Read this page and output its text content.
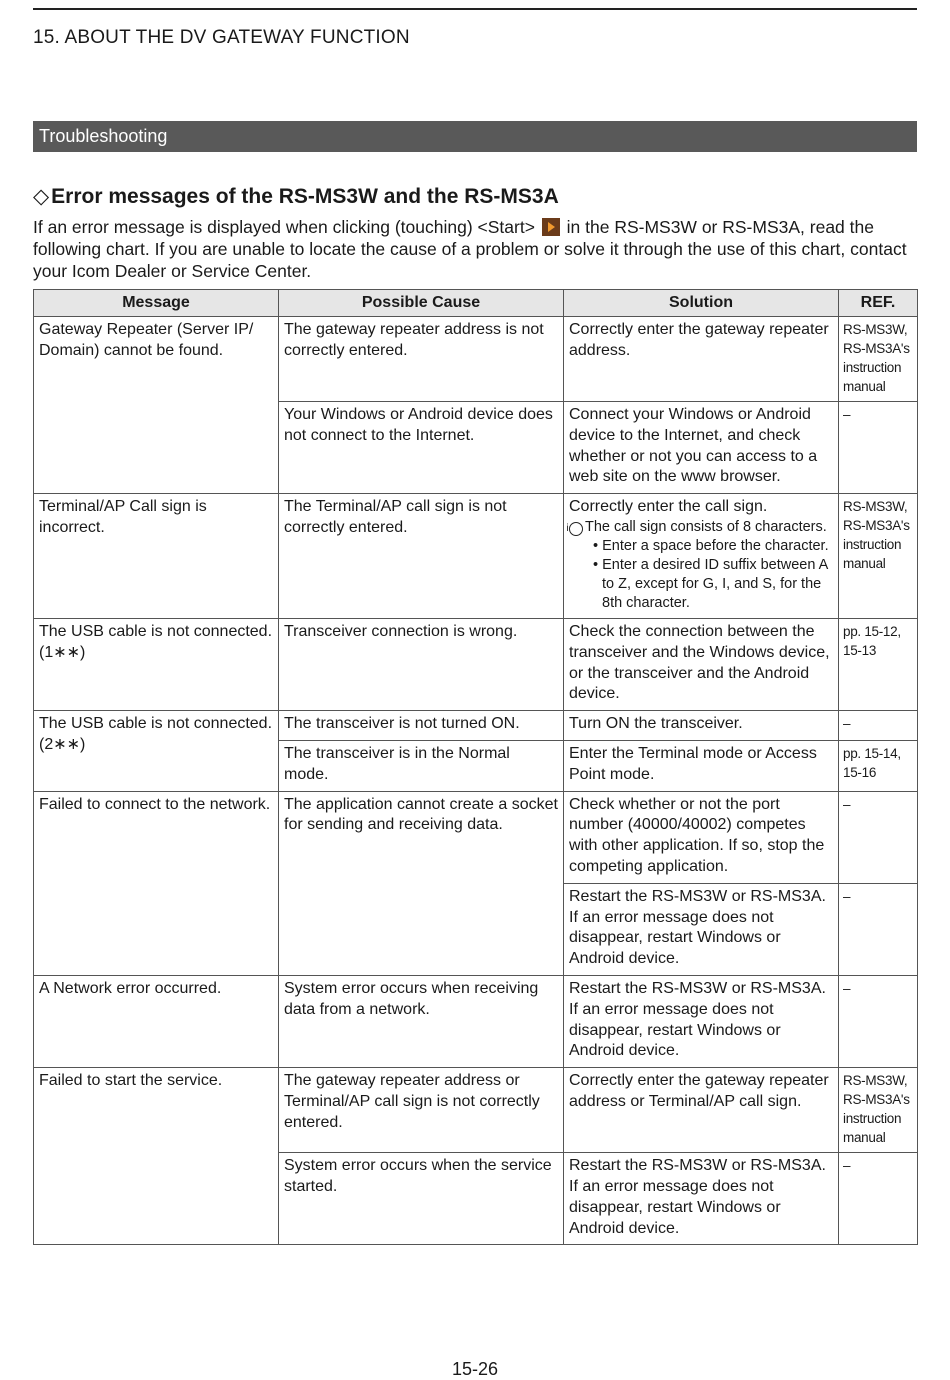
15. ABOUT THE DV GATEWAY FUNCTION
Troubleshooting
◇Error messages of the RS-MS3W and the RS-MS3A
If an error message is displayed when clicking (touching) <Start>  in the RS-MS3W or RS-MS3A, read the following chart. If you are unable to locate the cause of a problem or solve it through the use of this chart, contact your Icom Dealer or Service Center.
Message	Possible Cause	Solution	REF.
Gateway Repeater (Server IP/ Domain) cannot be found.	The gateway repeater address is not correctly entered.	Correctly enter the gateway repeater address.	RS-MS3W, RS-MS3A's instruction manual
	Your Windows or Android device does not connect to the Internet.	Connect your Windows or Android device to the Internet, and check whether or not you can access to a web site on the www browser.	–
Terminal/AP Call sign is incorrect.	The Terminal/AP call sign is not correctly entered.	Correctly enter the call sign.
i The call sign consists of 8 characters.
• Enter a space before the character.
• Enter a desired ID suffix between A to Z, except for G, I, and S, for the 8th character.	RS-MS3W, RS-MS3A's instruction manual
The USB cable is not connected. (1∗∗)	Transceiver connection is wrong.	Check the connection between the transceiver and the Windows device, or the transceiver and the Android device.	pp. 15-12, 15-13
The USB cable is not connected. (2∗∗)	The transceiver is not turned ON.	Turn ON the transceiver.	–
	The transceiver is in the Normal mode.	Enter the Terminal mode or Access Point mode.	pp. 15-14, 15-16
Failed to connect to the network.	The application cannot create a socket for sending and receiving data.	Check whether or not the port number (40000/40002) competes with other application. If so, stop the competing application.	–

		Restart the RS-MS3W or RS-MS3A. If an error message does not disappear, restart Windows or Android device.	–
A Network error occurred.	System error occurs when receiving data from a network.	Restart the RS-MS3W or RS-MS3A. If an error message does not disappear, restart Windows or Android device.	–
Failed to start the service.	The gateway repeater address or Terminal/AP call sign is not correctly entered.	Correctly enter the gateway repeater address or Terminal/AP call sign.	RS-MS3W, RS-MS3A's instruction manual
	System error occurs when the service started.	Restart the RS-MS3W or RS-MS3A. If an error message does not disappear, restart Windows or Android device.	–
15-26
